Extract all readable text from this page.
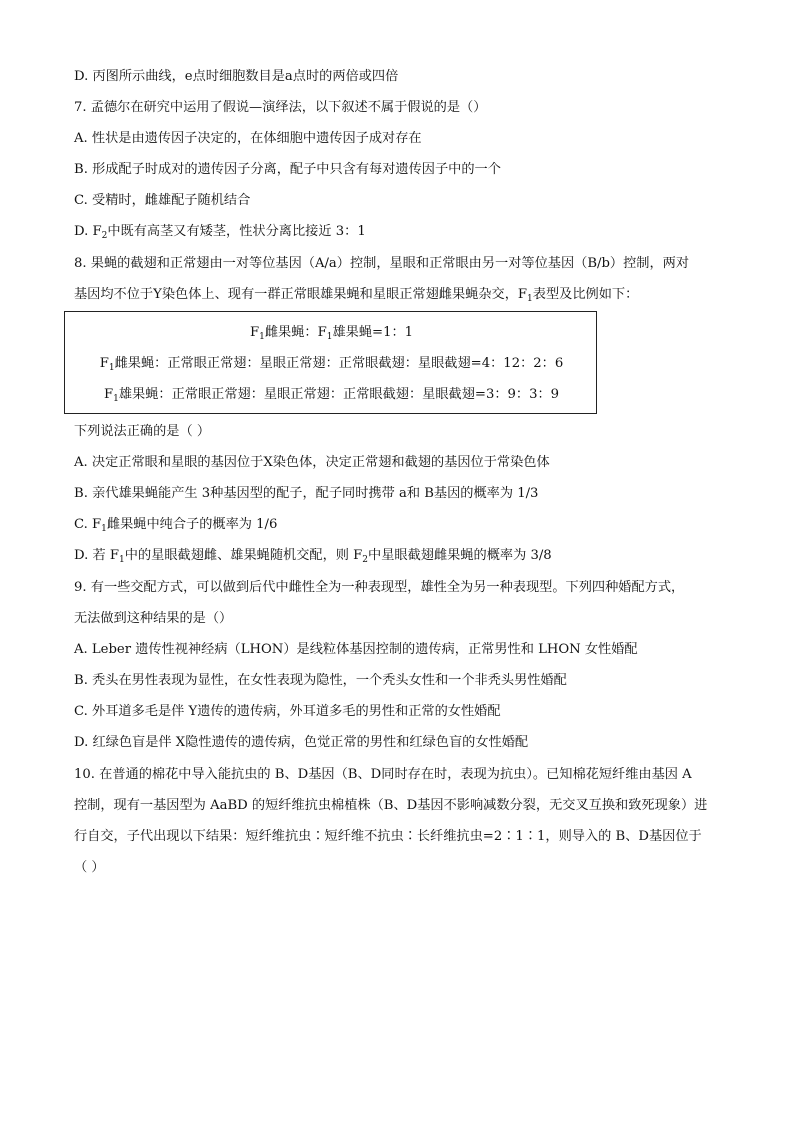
D. 丙图所示曲线，e点时细胞数目是a点时的两倍或四倍
7. 孟德尔在研究中运用了假说—演绎法，以下叙述不属于假说的是（）
A. 性状是由遗传因子决定的，在体细胞中遗传因子成对存在
B. 形成配子时成对的遗传因子分离，配子中只含有每对遗传因子中的一个
C. 受精时，雌雄配子随机结合
D. $F_2$中既有高茎又有矮茎，性状分离比接近 3：1
8. 果蝇的截翅和正常翅由一对等位基因（A/a）控制，星眼和正常眼由另一对等位基因（B/b）控制，两对
基因均不位于Y染色体上、现有一群正常眼雄果蝇和星眼正常翅雌果蝇杂交，$F_1$表型及比例如下：
$F_1$雌果蝇：$F_1$雄果蝇=1：1
$F_1$雌果蝇：正常眼正常翅：星眼正常翅：正常眼截翅：星眼截翅=4：12：2：6
$F_1$雄果蝇：正常眼正常翅：星眼正常翅：正常眼截翅：星眼截翅=3：9：3：9
下列说法正确的是（ ）
A. 决定正常眼和星眼的基因位于X染色体，决定正常翅和截翅的基因位于常染色体
B. 亲代雄果蝇能产生 3种基因型的配子，配子同时携带 a和 B基因的概率为 1/3
C. $F_1$雌果蝇中纯合子的概率为 1/6
D. 若 $F_1$中的星眼截翅雌、雄果蝇随机交配，则 $F_2$中星眼截翅雌果蝇的概率为 3/8
9. 有一些交配方式，可以做到后代中雌性全为一种表现型，雄性全为另一种表现型。下列四种婚配方式，
无法做到这种结果的是（）
A. Leber 遗传性视神经病（LHON）是线粒体基因控制的遗传病，正常男性和 LHON 女性婚配
B. 秃头在男性表现为显性，在女性表现为隐性，一个秃头女性和一个非秃头男性婚配
C. 外耳道多毛是伴 Y遗传的遗传病，外耳道多毛的男性和正常的女性婚配
D. 红绿色盲是伴 X隐性遗传的遗传病，色觉正常的男性和红绿色盲的女性婚配
10. 在普通的棉花中导入能抗虫的 B、D基因（B、D同时存在时，表现为抗虫）。已知棉花短纤维由基因 A
控制，现有一基因型为 AaBD 的短纤维抗虫棉植株（B、D基因不影响减数分裂，无交叉互换和致死现象）进
行自交，子代出现以下结果：短纤维抗虫∶短纤维不抗虫∶长纤维抗虫=2∶1∶1，则导入的 B、D基因位于
（ ）
